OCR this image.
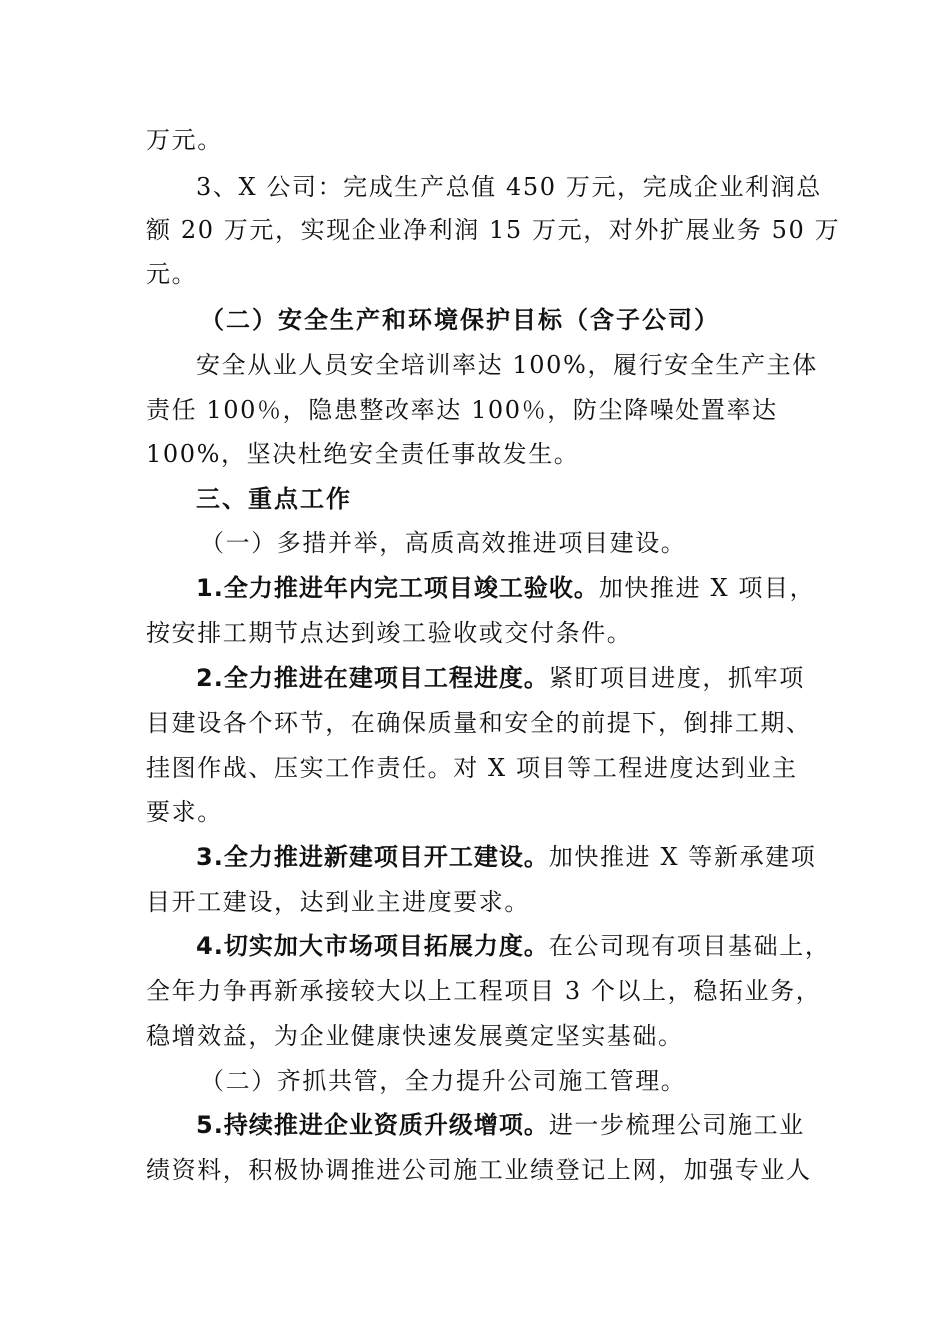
万元。
3、X 公司：完成生产总值 450 万元，完成企业利润总
额 20 万元，实现企业净利润 15 万元，对外扩展业务 50 万
元。
（二）安全生产和环境保护目标（含子公司）
安全从业人员安全培训率达 100%，履行安全生产主体
责任 100％，隐患整改率达 100％，防尘降噪处置率达
100%，坚决杜绝安全责任事故发生。
三、重点工作
（一）多措并举，高质高效推进项目建设。
1.全力推进年内完工项目竣工验收。加快推进 X 项目，
按安排工期节点达到竣工验收或交付条件。
2.全力推进在建项目工程进度。紧盯项目进度，抓牢项
目建设各个环节，在确保质量和安全的前提下，倒排工期、
挂图作战、压实工作责任。对 X 项目等工程进度达到业主
要求。
3.全力推进新建项目开工建设。加快推进 X 等新承建项
目开工建设，达到业主进度要求。
4.切实加大市场项目拓展力度。在公司现有项目基础上，
全年力争再新承接较大以上工程项目 3 个以上，稳拓业务，
稳增效益，为企业健康快速发展奠定坚实基础。
（二）齐抓共管，全力提升公司施工管理。
5.持续推进企业资质升级增项。进一步梳理公司施工业
绩资料，积极协调推进公司施工业绩登记上网，加强专业人
